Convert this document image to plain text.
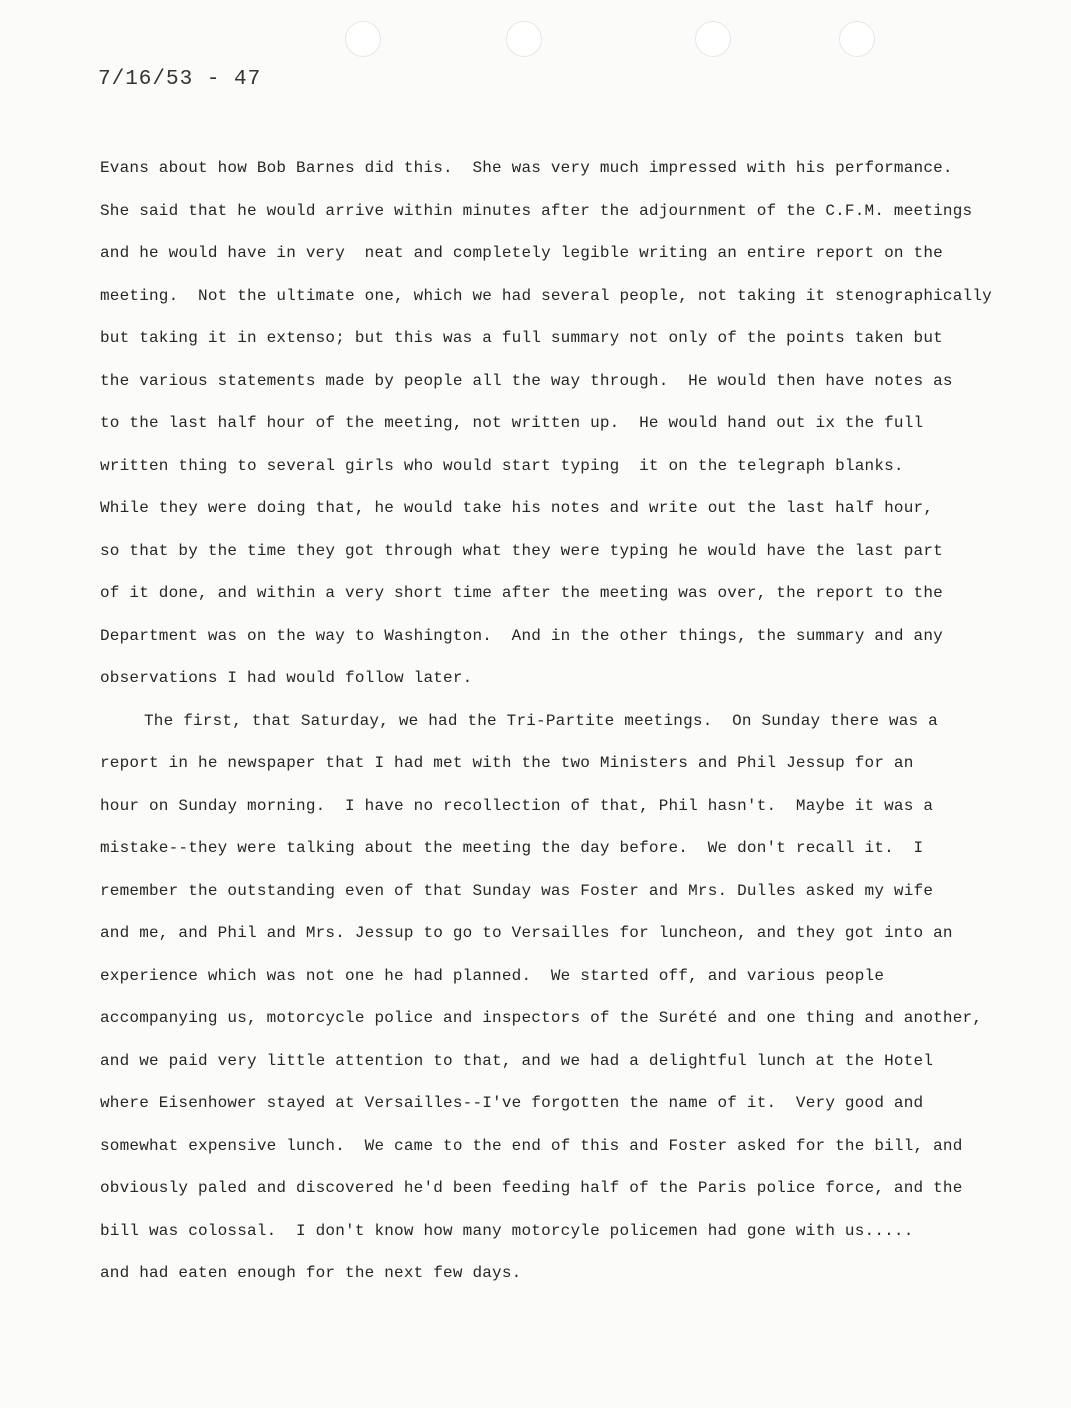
7/16/53 - 47
Evans about how Bob Barnes did this.  She was very much impressed with his performance.
She said that he would arrive within minutes after the adjournment of the C.F.M. meetings
and he would have in very  neat and completely legible writing an entire report on the
meeting.  Not the ultimate one, which we had several people, not taking it stenographically
but taking it in extenso; but this was a full summary not only of the points taken but
the various statements made by people all the way through.  He would then have notes as
to the last half hour of the meeting, not written up.  He would hand out ix the full
written thing to several girls who would start typing  it on the telegraph blanks.
While they were doing that, he would take his notes and write out the last half hour,
so that by the time they got through what they were typing he would have the last part
of it done, and within a very short time after the meeting was over, the report to the
Department was on the way to Washington.  And in the other things, the summary and any
observations I had would follow later.
The first, that Saturday, we had the Tri-Partite meetings.  On Sunday there was a
report in he newspaper that I had met with the two Ministers and Phil Jessup for an
hour on Sunday morning.  I have no recollection of that, Phil hasn't.  Maybe it was a
mistake--they were talking about the meeting the day before.  We don't recall it.  I
remember the outstanding even of that Sunday was Foster and Mrs. Dulles asked my wife
and me, and Phil and Mrs. Jessup to go to Versailles for luncheon, and they got into an
experience which was not one he had planned.  We started off, and various people
accompanying us, motorcycle police and inspectors of the Surété and one thing and another,
and we paid very little attention to that, and we had a delightful lunch at the Hotel
where Eisenhower stayed at Versailles--I've forgotten the name of it.  Very good and
somewhat expensive lunch.  We came to the end of this and Foster asked for the bill, and
obviously paled and discovered he'd been feeding half of the Paris police force, and the
bill was colossal.  I don't know how many motorcyle policemen had gone with us.....
and had eaten enough for the next few days.
